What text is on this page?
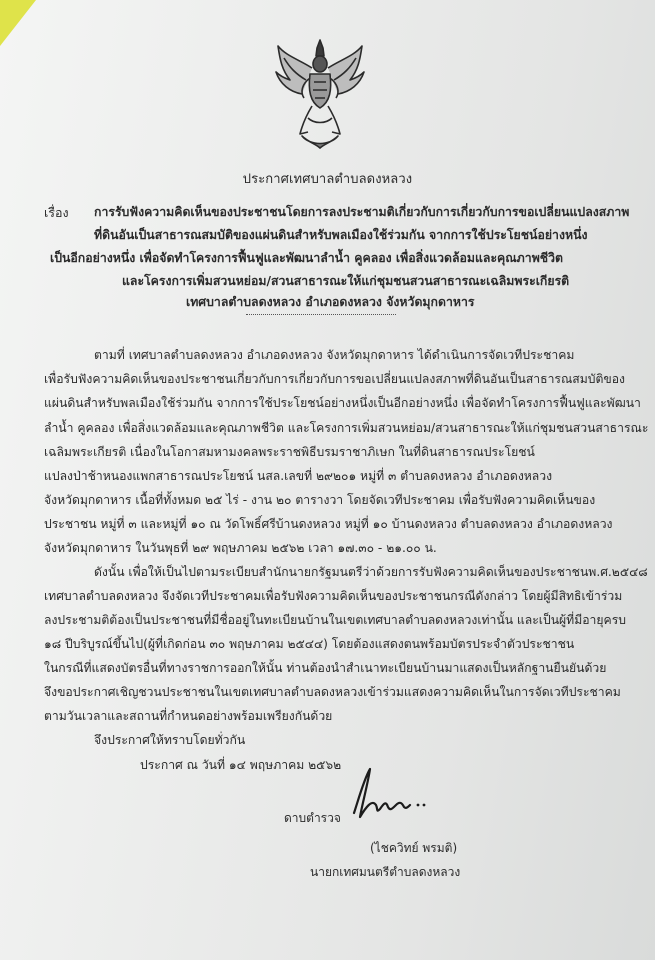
ประกาศเทศบาลตำบลดงหลวง
เรื่อง การรับฟังความคิดเห็นของประชาชนโดยการลงประชามติเกี่ยวกับการเกี่ยวกับการขอเปลี่ยนแปลงสภาพ
ที่ดินอันเป็นสาธารณสมบัติของแผ่นดินสำหรับพลเมืองใช้ร่วมกัน จากการใช้ประโยชน์อย่างหนึ่ง
เป็นอีกอย่างหนึ่ง เพื่อจัดทำโครงการฟื้นฟูและพัฒนาลำน้ำ คูคลอง เพื่อสิ่งแวดล้อมและคุณภาพชีวิต
และโครงการเพิ่มสวนหย่อม/สวนสาธารณะให้แก่ชุมชนสวนสาธารณะเฉลิมพระเกียรติ
เทศบาลตำบลดงหลวง อำเภอดงหลวง จังหวัดมุกดาหาร
ตามที่ เทศบาลตำบลดงหลวง อำเภอดงหลวง จังหวัดมุกดาหาร ได้ดำเนินการจัดเวทีประชาคม
เพื่อรับฟังความคิดเห็นของประชาชนเกี่ยวกับการเกี่ยวกับการขอเปลี่ยนแปลงสภาพที่ดินอันเป็นสาธารณสมบัติของ
แผ่นดินสำหรับพลเมืองใช้ร่วมกัน จากการใช้ประโยชน์อย่างหนึ่งเป็นอีกอย่างหนึ่ง เพื่อจัดทำโครงการฟื้นฟูและพัฒนา
ลำน้ำ คูคลอง เพื่อสิ่งแวดล้อมและคุณภาพชีวิต และโครงการเพิ่มสวนหย่อม/สวนสาธารณะให้แก่ชุมชนสวนสาธารณะ
เฉลิมพระเกียรติ เนื่องในโอกาสมหามงคลพระราชพิธีบรมราชาภิเษก ในที่ดินสาธารณประโยชน์
แปลงป่าช้าหนองแพกสาธารณประโยชน์ นสล.เลขที่ ๒๙๒๐๑ หมู่ที่ ๓ ตำบลดงหลวง อำเภอดงหลวง
จังหวัดมุกดาหาร เนื้อที่ทั้งหมด ๒๕ ไร่ - งาน ๒๐ ตารางวา โดยจัดเวทีประชาคม เพื่อรับฟังความคิดเห็นของ
ประชาชน หมู่ที่ ๓ และหมู่ที่ ๑๐ ณ วัดโพธิ์ศรีบ้านดงหลวง หมู่ที่ ๑๐ บ้านดงหลวง ตำบลดงหลวง อำเภอดงหลวง
จังหวัดมุกดาหาร ในวันพุธที่ ๒๙ พฤษภาคม ๒๕๖๒ เวลา ๑๗.๓๐ - ๒๑.๐๐ น.
ดังนั้น เพื่อให้เป็นไปตามระเบียบสำนักนายกรัฐมนตรีว่าด้วยการรับฟังความคิดเห็นของประชาชนพ.ศ.๒๕๔๘
เทศบาลตำบลดงหลวง จึงจัดเวทีประชาคมเพื่อรับฟังความคิดเห็นของประชาชนกรณีดังกล่าว โดยผู้มีสิทธิเข้าร่วม
ลงประชามติต้องเป็นประชาชนที่มีชื่ออยู่ในทะเบียนบ้านในเขตเทศบาลตำบลดงหลวงเท่านั้น และเป็นผู้ที่มีอายุครบ
๑๘ ปีบริบูรณ์ขึ้นไป(ผู้ที่เกิดก่อน ๓๐ พฤษภาคม ๒๕๔๔) โดยต้องแสดงตนพร้อมบัตรประจำตัวประชาชน
ในกรณีที่แสดงบัตรอื่นที่ทางราชการออกให้นั้น ท่านต้องนำสำเนาทะเบียนบ้านมาแสดงเป็นหลักฐานยืนยันด้วย
จึงขอประกาศเชิญชวนประชาชนในเขตเทศบาลตำบลดงหลวงเข้าร่วมแสดงความคิดเห็นในการจัดเวทีประชาคม
ตามวันเวลาและสถานที่กำหนดอย่างพร้อมเพรียงกันด้วย
จึงประกาศให้ทราบโดยทั่วกัน
ประกาศ ณ วันที่ ๑๔ พฤษภาคม ๒๕๖๒
ดาบตำรวจ
(ไชควิทย์ พรมติ)
นายกเทศมนตรีตำบลดงหลวง
